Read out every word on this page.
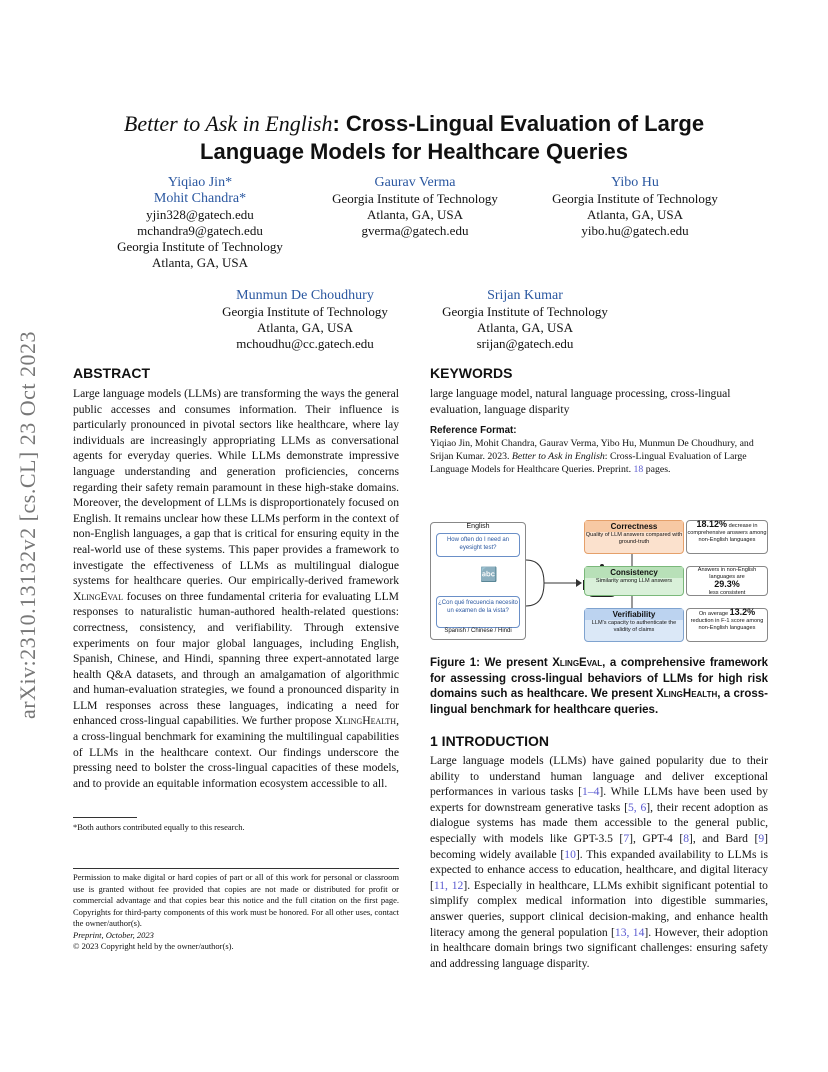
arXiv:2310.13132v2 [cs.CL] 23 Oct 2023
Better to Ask in English: Cross-Lingual Evaluation of Large
Language Models for Healthcare Queries
Yiqiao Jin*
Mohit Chandra*
yjin328@gatech.edu
mchandra9@gatech.edu
Georgia Institute of Technology
Atlanta, GA, USA
Gaurav Verma
Georgia Institute of Technology
Atlanta, GA, USA
gverma@gatech.edu
Yibo Hu
Georgia Institute of Technology
Atlanta, GA, USA
yibo.hu@gatech.edu
Munmun De Choudhury
Georgia Institute of Technology
Atlanta, GA, USA
mchoudhu@cc.gatech.edu
Srijan Kumar
Georgia Institute of Technology
Atlanta, GA, USA
srijan@gatech.edu
ABSTRACT

Large language models (LLMs) are transforming the ways the general public accesses and consumes information. Their influence is particularly pronounced in pivotal sectors like healthcare, where lay individuals are increasingly appropriating LLMs as conversational agents for everyday queries. While LLMs demonstrate impressive language understanding and generation proficiencies, concerns regarding their safety remain paramount in these high-stake domains. Moreover, the development of LLMs is disproportionately focused on English. It remains unclear how these LLMs perform in the context of non-English languages, a gap that is critical for ensuring equity in the real-world use of these systems. This paper provides a framework to investigate the effectiveness of LLMs as multilingual dialogue systems for healthcare queries. Our empirically-derived framework XlingEval focuses on three fundamental criteria for evaluating LLM responses to naturalistic human-authored health-related questions: correctness, consistency, and verifiability. Through extensive experiments on four major global languages, including English, Spanish, Chinese, and Hindi, spanning three expert-annotated large health Q&A datasets, and through an amalgamation of algorithmic and human-evaluation strategies, we found a pronounced disparity in LLM responses across these languages, indicating a need for enhanced cross-lingual capabilities. We further propose XlingHealth, a cross-lingual benchmark for examining the multilingual capabilities of LLMs in the healthcare context. Our findings underscore the pressing need to bolster the cross-lingual capacities of these models, and to provide an equitable information ecosystem accessible to all.

*Both authors contributed equally to this research.
Permission to make digital or hard copies of part or all of this work for personal or classroom use is granted without fee provided that copies are not made or distributed for profit or commercial advantage and that copies bear this notice and the full citation on the first page. Copyrights for third-party components of this work must be honored. For all other uses, contact the owner/author(s).
Preprint, October, 2023
© 2023 Copyright held by the owner/author(s).
KEYWORDS

large language model, natural language processing, cross-lingual evaluation, language disparity

Reference Format:
Yiqiao Jin, Mohit Chandra, Gaurav Verma, Yibo Hu, Munmun De Choudhury, and Srijan Kumar. 2023. Better to Ask in English: Cross-Lingual Evaluation of Large Language Models for Healthcare Queries. Preprint. 18 pages.
English
How often do I need an eyesight test?
🔤
¿Con qué frecuencia necesito un examen de la vista?
Spanish / Chinese / Hindi
Correctness
Quality of LLM answers compared with ground-truth
Consistency
Similarity among LLM answers
Verifiability
LLM's capacity to authenticate the validity of claims
18.12% decrease in comprehensive answers among non-English languages
Answers in non-English languages are
29.3%
less consistent
On average 13.2%
reduction in F-1 score among non-English languages
Figure 1: We present XlingEval, a comprehensive framework for assessing cross-lingual behaviors of LLMs for high risk domains such as healthcare. We present XlingHealth, a cross-lingual benchmark for healthcare queries.
1 INTRODUCTION

Large language models (LLMs) have gained popularity due to their ability to understand human language and deliver exceptional performances in various tasks [1–4]. While LLMs have been used by experts for downstream generative tasks [5, 6], their recent adoption as dialogue systems has made them accessible to the general public, especially with models like GPT-3.5 [7], GPT-4 [8], and Bard [9] becoming widely available [10]. This expanded availability to LLMs is expected to enhance access to education, healthcare, and digital literacy [11, 12]. Especially in healthcare, LLMs exhibit significant potential to simplify complex medical information into digestible summaries, answer queries, support clinical decision-making, and enhance health literacy among the general population [13, 14]. However, their adoption in healthcare domain brings two significant challenges: ensuring safety and addressing language disparity.
